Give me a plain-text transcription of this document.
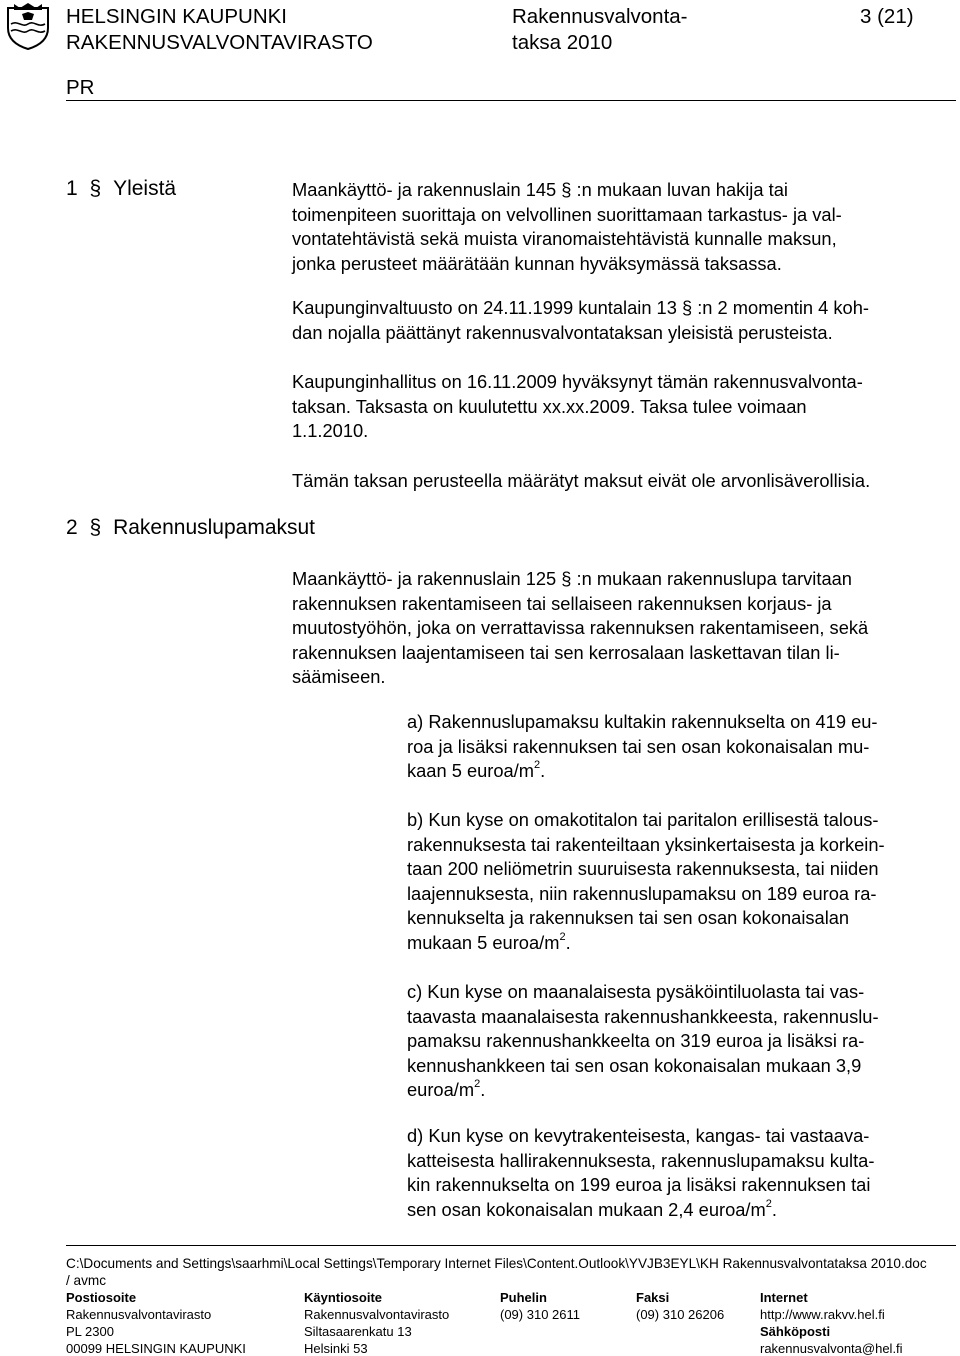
HELSINGIN KAUPUNKI
RAKENNUSVALVONTAVIRASTO
Rakennusvalvonta-
taksa 2010
3 (21)
PR
1 § Yleistä	Maankäyttö- ja rakennuslain 145 § :n mukaan luvan hakija tai
toimenpiteen suorittaja on velvollinen suorittamaan tarkastus- ja val-
vontatehtävistä sekä muista viranomaistehtävistä kunnalle maksun,
jonka perusteet määrätään kunnan hyväksymässä taksassa.
Kaupunginvaltuusto on 24.11.1999 kuntalain 13 § :n 2 momentin 4 koh-
dan nojalla päättänyt rakennusvalvontataksan yleisistä perusteista.
Kaupunginhallitus on 16.11.2009 hyväksynyt tämän rakennusvalvonta-
taksan. Taksasta on kuulutettu xx.xx.2009. Taksa tulee voimaan
1.1.2010.
Tämän taksan perusteella määrätyt maksut eivät ole arvonlisäverollisia.
2 § Rakennuslupamaksut
Maankäyttö- ja rakennuslain 125 § :n mukaan rakennuslupa tarvitaan
rakennuksen rakentamiseen tai sellaiseen rakennuksen korjaus- ja
muutostyöhön, joka on verrattavissa rakennuksen rakentamiseen, sekä
rakennuksen laajentamiseen tai sen kerrosalaan laskettavan tilan li-
säämiseen.
a) Rakennuslupamaksu kultakin rakennukselta on 419 eu-
roa ja lisäksi rakennuksen tai sen osan kokonaisalan mu-
kaan 5 euroa/$m^2$.
b) Kun kyse on omakotitalon tai paritalon erillisestä talous-
rakennuksesta tai rakenteiltaan yksinkertaisesta ja korkein-
taan 200 neliömetrin suuruisesta rakennuksesta, tai niiden
laajennuksesta, niin rakennuslupamaksu on 189 euroa ra-
kennukselta ja rakennuksen tai sen osan kokonaisalan
mukaan 5 euroa/$m^2$.
c) Kun kyse on maanalaisesta pysäköintiluolasta tai vas-
taavasta maanalaisesta rakennushankkeesta, rakennuslu-
pamaksu rakennushankkeelta on 319 euroa ja lisäksi ra-
kennushankkeen tai sen osan kokonaisalan mukaan 3,9
euroa/$m^2$.
d) Kun kyse on kevytrakenteisesta, kangas- tai vastaava-
katteisesta hallirakennuksesta, rakennuslupamaksu kulta-
kin rakennukselta on 199 euroa ja lisäksi rakennuksen tai
sen osan kokonaisalan mukaan 2,4 euroa/$m^2$.
C:\Documents and Settings\saarhmi\Local Settings\Temporary Internet Files\Content.Outlook\YVJB3EYL\KH Rakennusvalvontataksa 2010.doc
/ avmc
Postiosoite
Rakennusvalvontavirasto
PL 2300
00099 HELSINGIN KAUPUNKI
Käyntiosoite
Rakennusvalvontavirasto
Siltasaarenkatu 13
Helsinki 53
Puhelin
(09) 310 2611
Faksi
(09) 310 26206
Internet
http://www.rakvv.hel.fi
Sähköposti
rakennusvalvonta@hel.fi
